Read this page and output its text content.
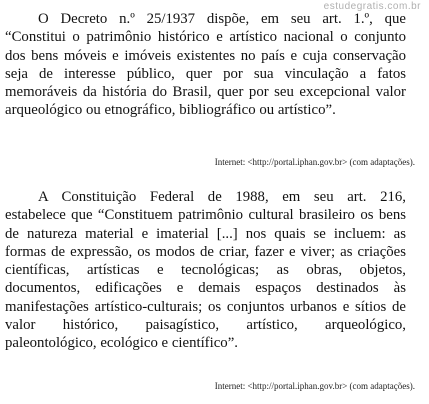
estudegratis.com.br
O Decreto n.º 25/1937 dispõe, em seu art. 1.º, que
“Constitui o patrimônio histórico e artístico nacional o conjunto
dos bens móveis e imóveis existentes no país e cuja conservação
seja de interesse público, quer por sua vinculação a fatos
memoráveis da história do Brasil, quer por seu excepcional valor
arqueológico ou etnográfico, bibliográfico ou artístico”.
Internet: <http://portal.iphan.gov.br> (com adaptações).
A Constituição Federal de 1988, em seu art. 216,
estabelece que “Constituem patrimônio cultural brasileiro os bens
de natureza material e imaterial [...] nos quais se incluem: as
formas de expressão, os modos de criar, fazer e viver; as criações
científicas, artísticas e tecnológicas; as obras, objetos,
documentos, edificações e demais espaços destinados às
manifestações artístico-culturais; os conjuntos urbanos e sítios de
valor histórico, paisagístico, artístico, arqueológico,
paleontológico, ecológico e científico”.
Internet: <http://portal.iphan.gov.br> (com adaptações).
